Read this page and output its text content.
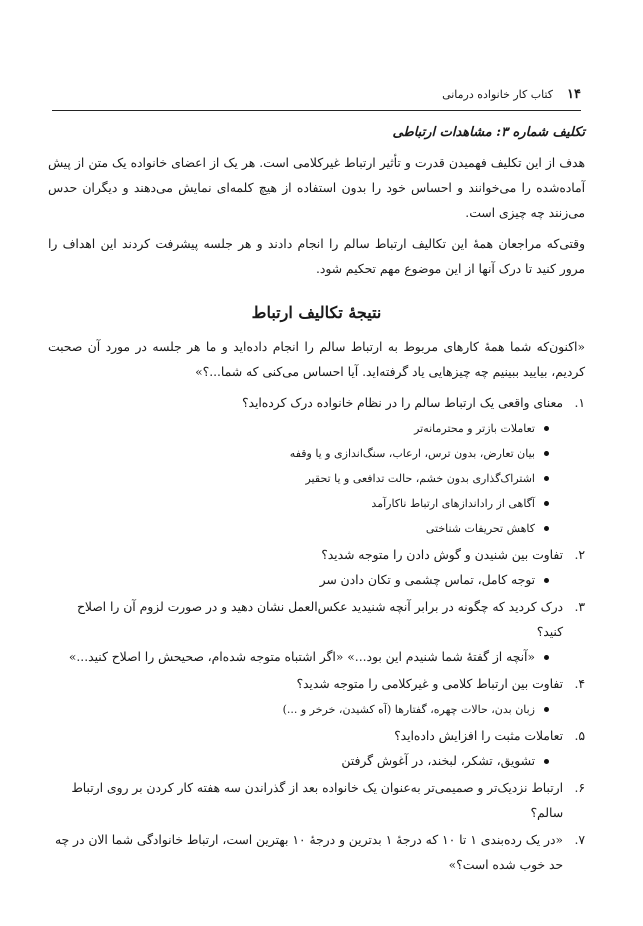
۱۴
کتاب کار خانواده درمانی
تکلیف شماره ۳: مشاهدات ارتباطی

هدف از این تکلیف فهمیدن قدرت و تأثیر ارتباط غیرکلامی است. هر یک از اعضای خانواده یک متن از پیش آماده‌شده را می‌خوانند و احساس خود را بدون استفاده از هیچ کلمه‌ای نمایش می‌دهند و دیگران حدس می‌زنند چه چیزی است.

وقتی‌که مراجعان همهٔ این تکالیف ارتباط سالم را انجام دادند و هر جلسه پیشرفت کردند این اهداف را مرور کنید تا درک آنها از این موضوع مهم تحکیم شود.

نتیجهٔ تکالیف ارتباط

«اکنون‌که شما همهٔ کارهای مربوط به ارتباط سالم را انجام داده‌اید و ما هر جلسه در مورد آن صحبت کردیم، بیایید ببینیم چه چیزهایی یاد گرفته‌اید. آیا احساس می‌کنی که شما...؟»

۱.
معنای واقعی یک ارتباط سالم را در نظام خانواده درک کرده‌اید؟
تعاملات بازتر و محترمانه‌تر
بیان تعارض، بدون ترس، ارعاب، سنگ‌اندازی و یا وقفه
اشتراک‌گذاری بدون خشم، حالت تدافعی و یا تحقیر
آگاهی از راداندازهای ارتباط ناکارآمد
کاهش تحریفات شناختی
۲.
تفاوت بین شنیدن و گوش دادن را متوجه شدید؟
توجه کامل، تماس چشمی و تکان دادن سر
۳.
درک کردید که چگونه در برابر آنچه شنیدید عکس‌العمل نشان دهید و در صورت لزوم آن را اصلاح کنید؟
«آنچه از گفتهٔ شما شنیدم این بود...» «اگر اشتباه متوجه شده‌ام، صحیحش را اصلاح کنید...»
۴.
تفاوت بین ارتباط کلامی و غیرکلامی را متوجه شدید؟
زبان بدن، حالات چهره، گفتارها (آه کشیدن، خرخر و ...)
۵.
تعاملات مثبت را افزایش داده‌اید؟
تشویق، تشکر، لبخند، در آغوش گرفتن
۶.
ارتباط نزدیک‌تر و صمیمی‌تر به‌عنوان یک خانواده بعد از گذراندن سه هفته کار کردن بر روی ارتباط سالم؟
۷.
«در یک رده‌بندی ۱ تا ۱۰ که درجهٔ ۱ بدترین و درجهٔ ۱۰ بهترین است، ارتباط خانوادگی شما الان در چه حد خوب شده است؟»
